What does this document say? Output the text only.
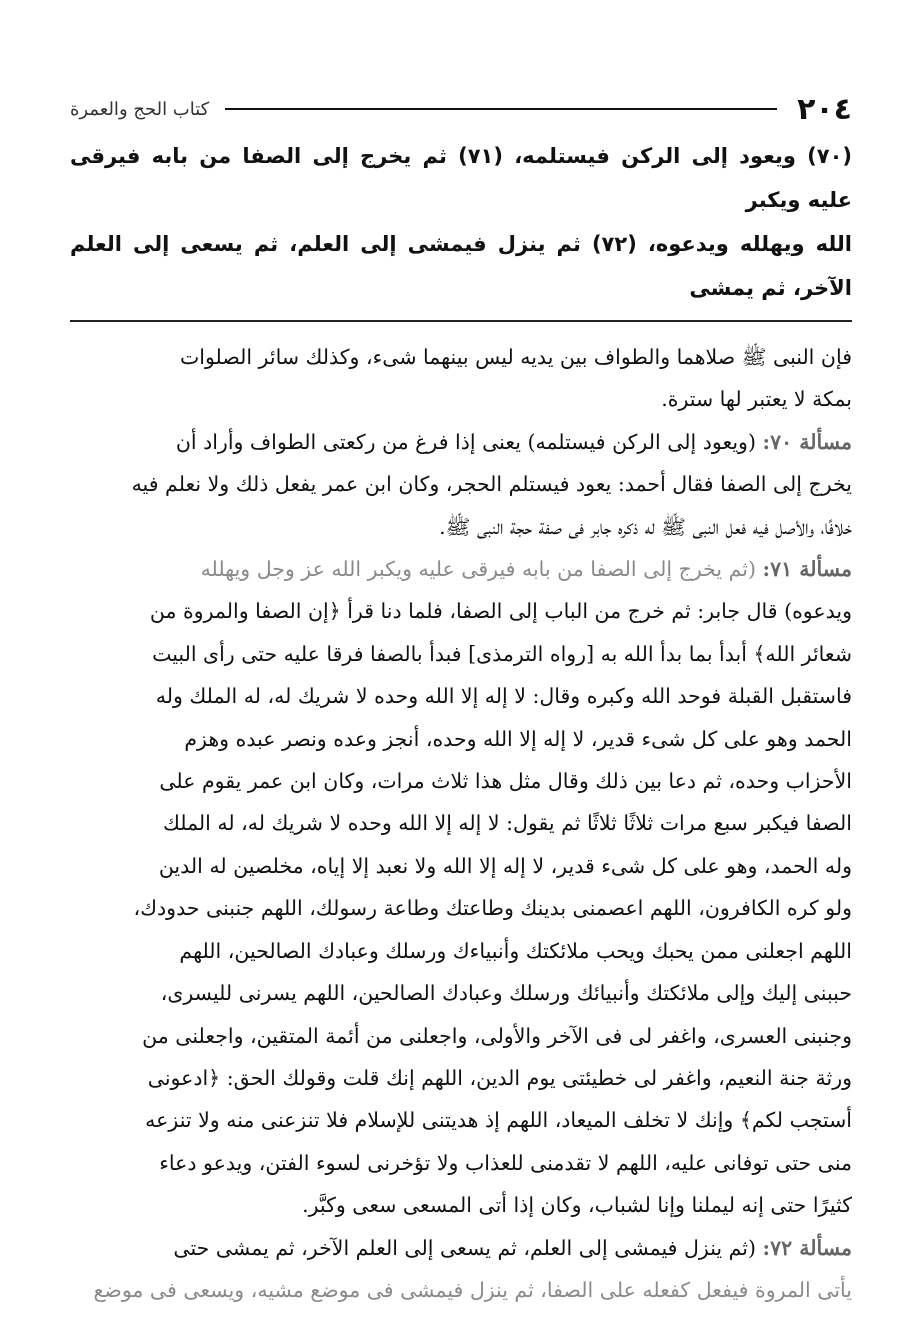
٢٠٤
كتاب الحج والعمرة

(٧٠) ويعود إلى الركن فيستلمه، (٧١) ثم يخرج إلى الصفا من بابه فيرقى عليه ويكبر

الله ويهلله ويدعوه، (٧٢) ثم ينزل فيمشى إلى العلم، ثم يسعى إلى العلم الآخر، ثم يمشى

فإن النبى ﷺ صلاهما والطواف بين يديه ليس بينهما شىء، وكذلك سائر الصلوات

بمكة لا يعتبر لها سترة.

مسألة ٧٠: (ويعود إلى الركن فيستلمه) يعنى إذا فرغ من ركعتى الطواف وأراد أن

يخرج إلى الصفا فقال أحمد: يعود فيستلم الحجر، وكان ابن عمر يفعل ذلك ولا نعلم فيه

خلافًا، والأصل فيه فعل النبى ﷺ له ذكره جابر فى صفة حجة النبى ﷺ.

مسألة ٧١: (ثم يخرج إلى الصفا من بابه فيرقى عليه ويكبر الله عز وجل ويهلله

ويدعوه) قال جابر: ثم خرج من الباب إلى الصفا، فلما دنا قرأ ﴿إن الصفا والمروة من

شعائر الله﴾ أبدأ بما بدأ الله به [رواه الترمذى] فبدأ بالصفا فرقا عليه حتى رأى البيت

فاستقبل القبلة فوحد الله وكبره وقال: لا إله إلا الله وحده لا شريك له، له الملك وله

الحمد وهو على كل شىء قدير، لا إله إلا الله وحده، أنجز وعده ونصر عبده وهزم

الأحزاب وحده، ثم دعا بين ذلك وقال مثل هذا ثلاث مرات، وكان ابن عمر يقوم على

الصفا فيكبر سبع مرات ثلاثًا ثلاثًا ثم يقول: لا إله إلا الله وحده لا شريك له، له الملك

وله الحمد، وهو على كل شىء قدير، لا إله إلا الله ولا نعبد إلا إياه، مخلصين له الدين

ولو كره الكافرون، اللهم اعصمنى بدينك وطاعتك وطاعة رسولك، اللهم جنبنى حدودك،

اللهم اجعلنى ممن يحبك ويحب ملائكتك وأنبياءك ورسلك وعبادك الصالحين، اللهم

حببنى إليك وإلى ملائكتك وأنبيائك ورسلك وعبادك الصالحين، اللهم يسرنى لليسرى،

وجنبنى العسرى، واغفر لى فى الآخر والأولى، واجعلنى من أئمة المتقين، واجعلنى من

ورثة جنة النعيم، واغفر لى خطيئتى يوم الدين، اللهم إنك قلت وقولك الحق: ﴿ادعونى

أستجب لكم﴾ وإنك لا تخلف الميعاد، اللهم إذ هديتنى للإسلام فلا تنزعنى منه ولا تنزعه

منى حتى توفانى عليه، اللهم لا تقدمنى للعذاب ولا تؤخرنى لسوء الفتن، ويدعو دعاء

كثيرًا حتى إنه ليملنا وإنا لشباب، وكان إذا أتى المسعى سعى وكبَّر.

مسألة ٧٢: (ثم ينزل فيمشى إلى العلم، ثم يسعى إلى العلم الآخر، ثم يمشى حتى

يأتى المروة فيفعل كفعله على الصفا، ثم ينزل فيمشى فى موضع مشيه، ويسعى فى موضع
